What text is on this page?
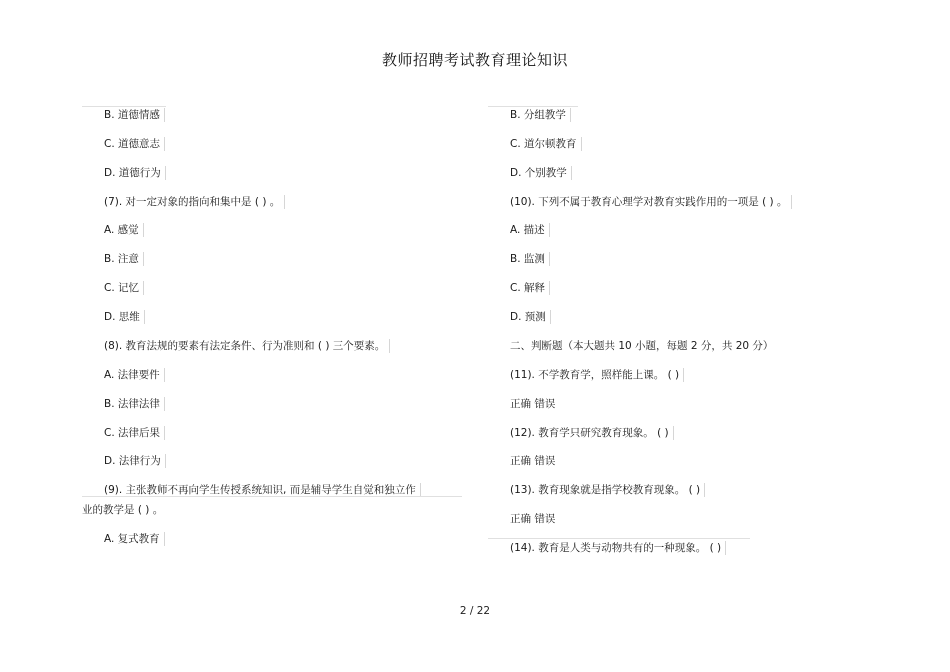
教师招聘考试教育理论知识
B. 道德情感
C. 道德意志
D. 道德行为
(7). 对一定对象的指向和集中是 ( ) 。
A. 感觉
B. 注意
C. 记忆
D. 思维
(8). 教育法规的要素有法定条件、行为准则和 ( ) 三个要素。
A. 法律要件
B. 法律法律
C. 法律后果
D. 法律行为
(9). 主张教师不再向学生传授系统知识, 而是辅导学生自觉和独立作
业的教学是 ( ) 。
A. 复式教育
B. 分组教学
C. 道尔顿教育
D. 个别教学
(10). 下列不属于教育心理学对教育实践作用的一项是 ( ) 。
A. 描述
B. 监测
C. 解释
D. 预测
二、判断题（本大题共 10 小题，每题 2 分，共 20 分）
(11). 不学教育学，照样能上课。 ( )
正确 错误
(12). 教育学只研究教育现象。 ( )
正确 错误
(13). 教育现象就是指学校教育现象。 ( )
正确 错误
(14). 教育是人类与动物共有的一种现象。 ( )
2 / 22
